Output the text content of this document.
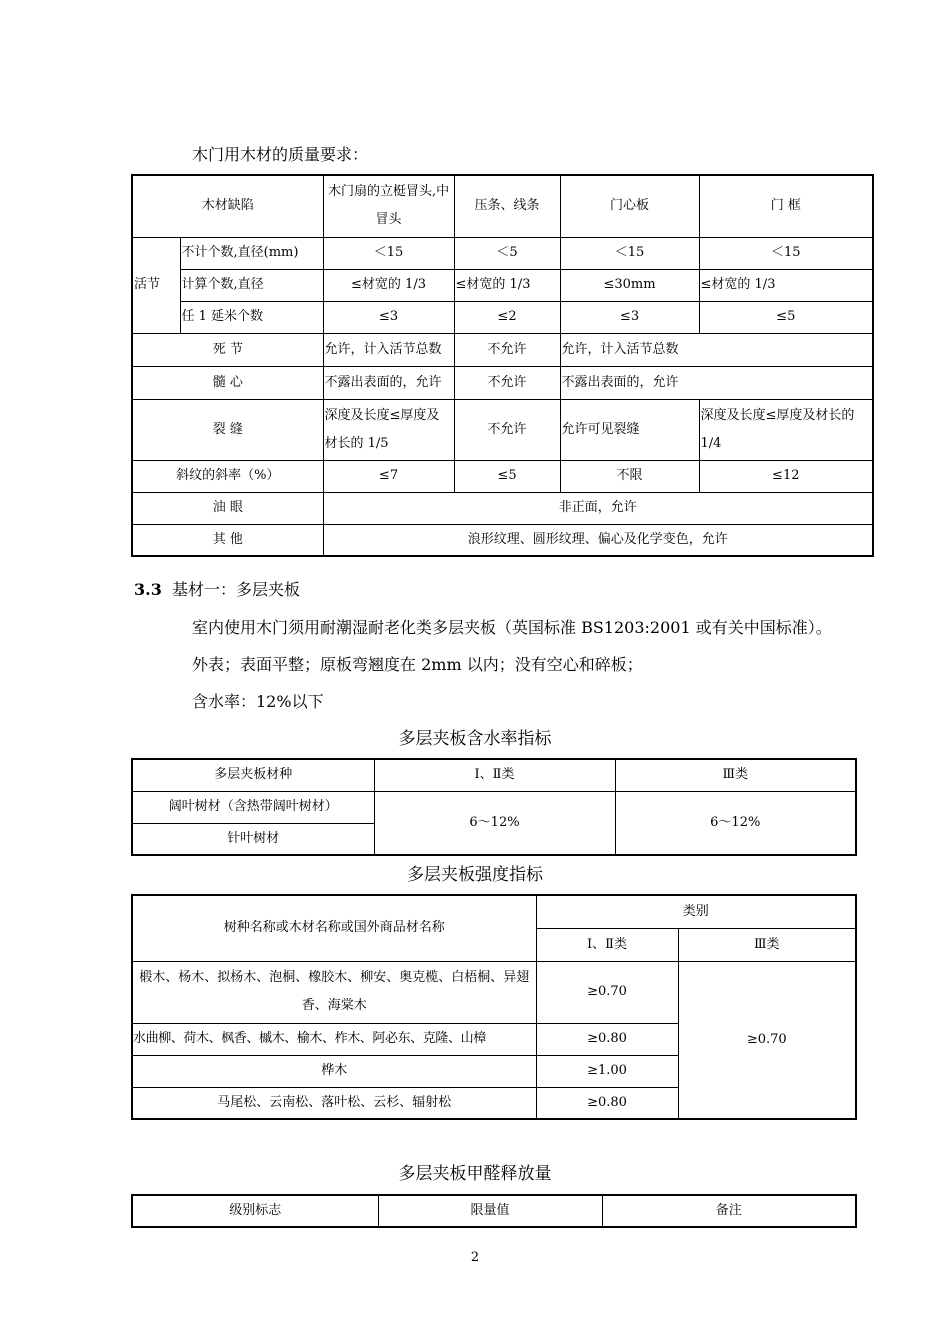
木门用木材的质量要求：
木材缺陷		木门扇的立梃冒头,中冒头	压条、线条	门心板	门 框
活节	不计个数,直径(mm)	＜15	＜5	＜15	＜15
	计算个数,直径	≤材宽的 1/3	≤材宽的 1/3	≤30mm	≤材宽的 1/3
	任 1 延米个数	≤3	≤2	≤3	≤5
死 节		允许，计入活节总数	不允许	允许，计入活节总数	
髓 心		不露出表面的，允许	不允许	不露出表面的，允许	
裂 缝		深度及长度≤厚度及材长的 1/5	不允许	允许可见裂缝	深度及长度≤厚度及材长的 1/4
斜纹的斜率（%）		≤7	≤5	不限	≤12
油 眼		非正面，允许			
其 他		浪形纹理、圆形纹理、偏心及化学变色，允许			
3.3 基材一：多层夹板
室内使用木门须用耐潮湿耐老化类多层夹板（英国标准 BS1203:2001 或有关中国标准）。
外表；表面平整；原板弯翘度在 2mm 以内；没有空心和碎板；
含水率：12%以下
多层夹板含水率指标
多层夹板材种	Ⅰ、Ⅱ类	Ⅲ类
阔叶树材（含热带阔叶树材）	6～12%	6～12%
针叶树材		
多层夹板强度指标
树种名称或木材名称或国外商品材名称	类别	
	Ⅰ、Ⅱ类	Ⅲ类
椴木、杨木、拟杨木、泡桐、橡胶木、柳安、奥克榄、白梧桐、异翅香、海棠木	≥0.70	≥0.70
水曲柳、荷木、枫香、槭木、榆木、柞木、阿必东、克隆、山樟	≥0.80	
桦木	≥1.00	
马尾松、云南松、落叶松、云杉、辐射松	≥0.80	
多层夹板甲醛释放量
级别标志	限量值	备注
2
